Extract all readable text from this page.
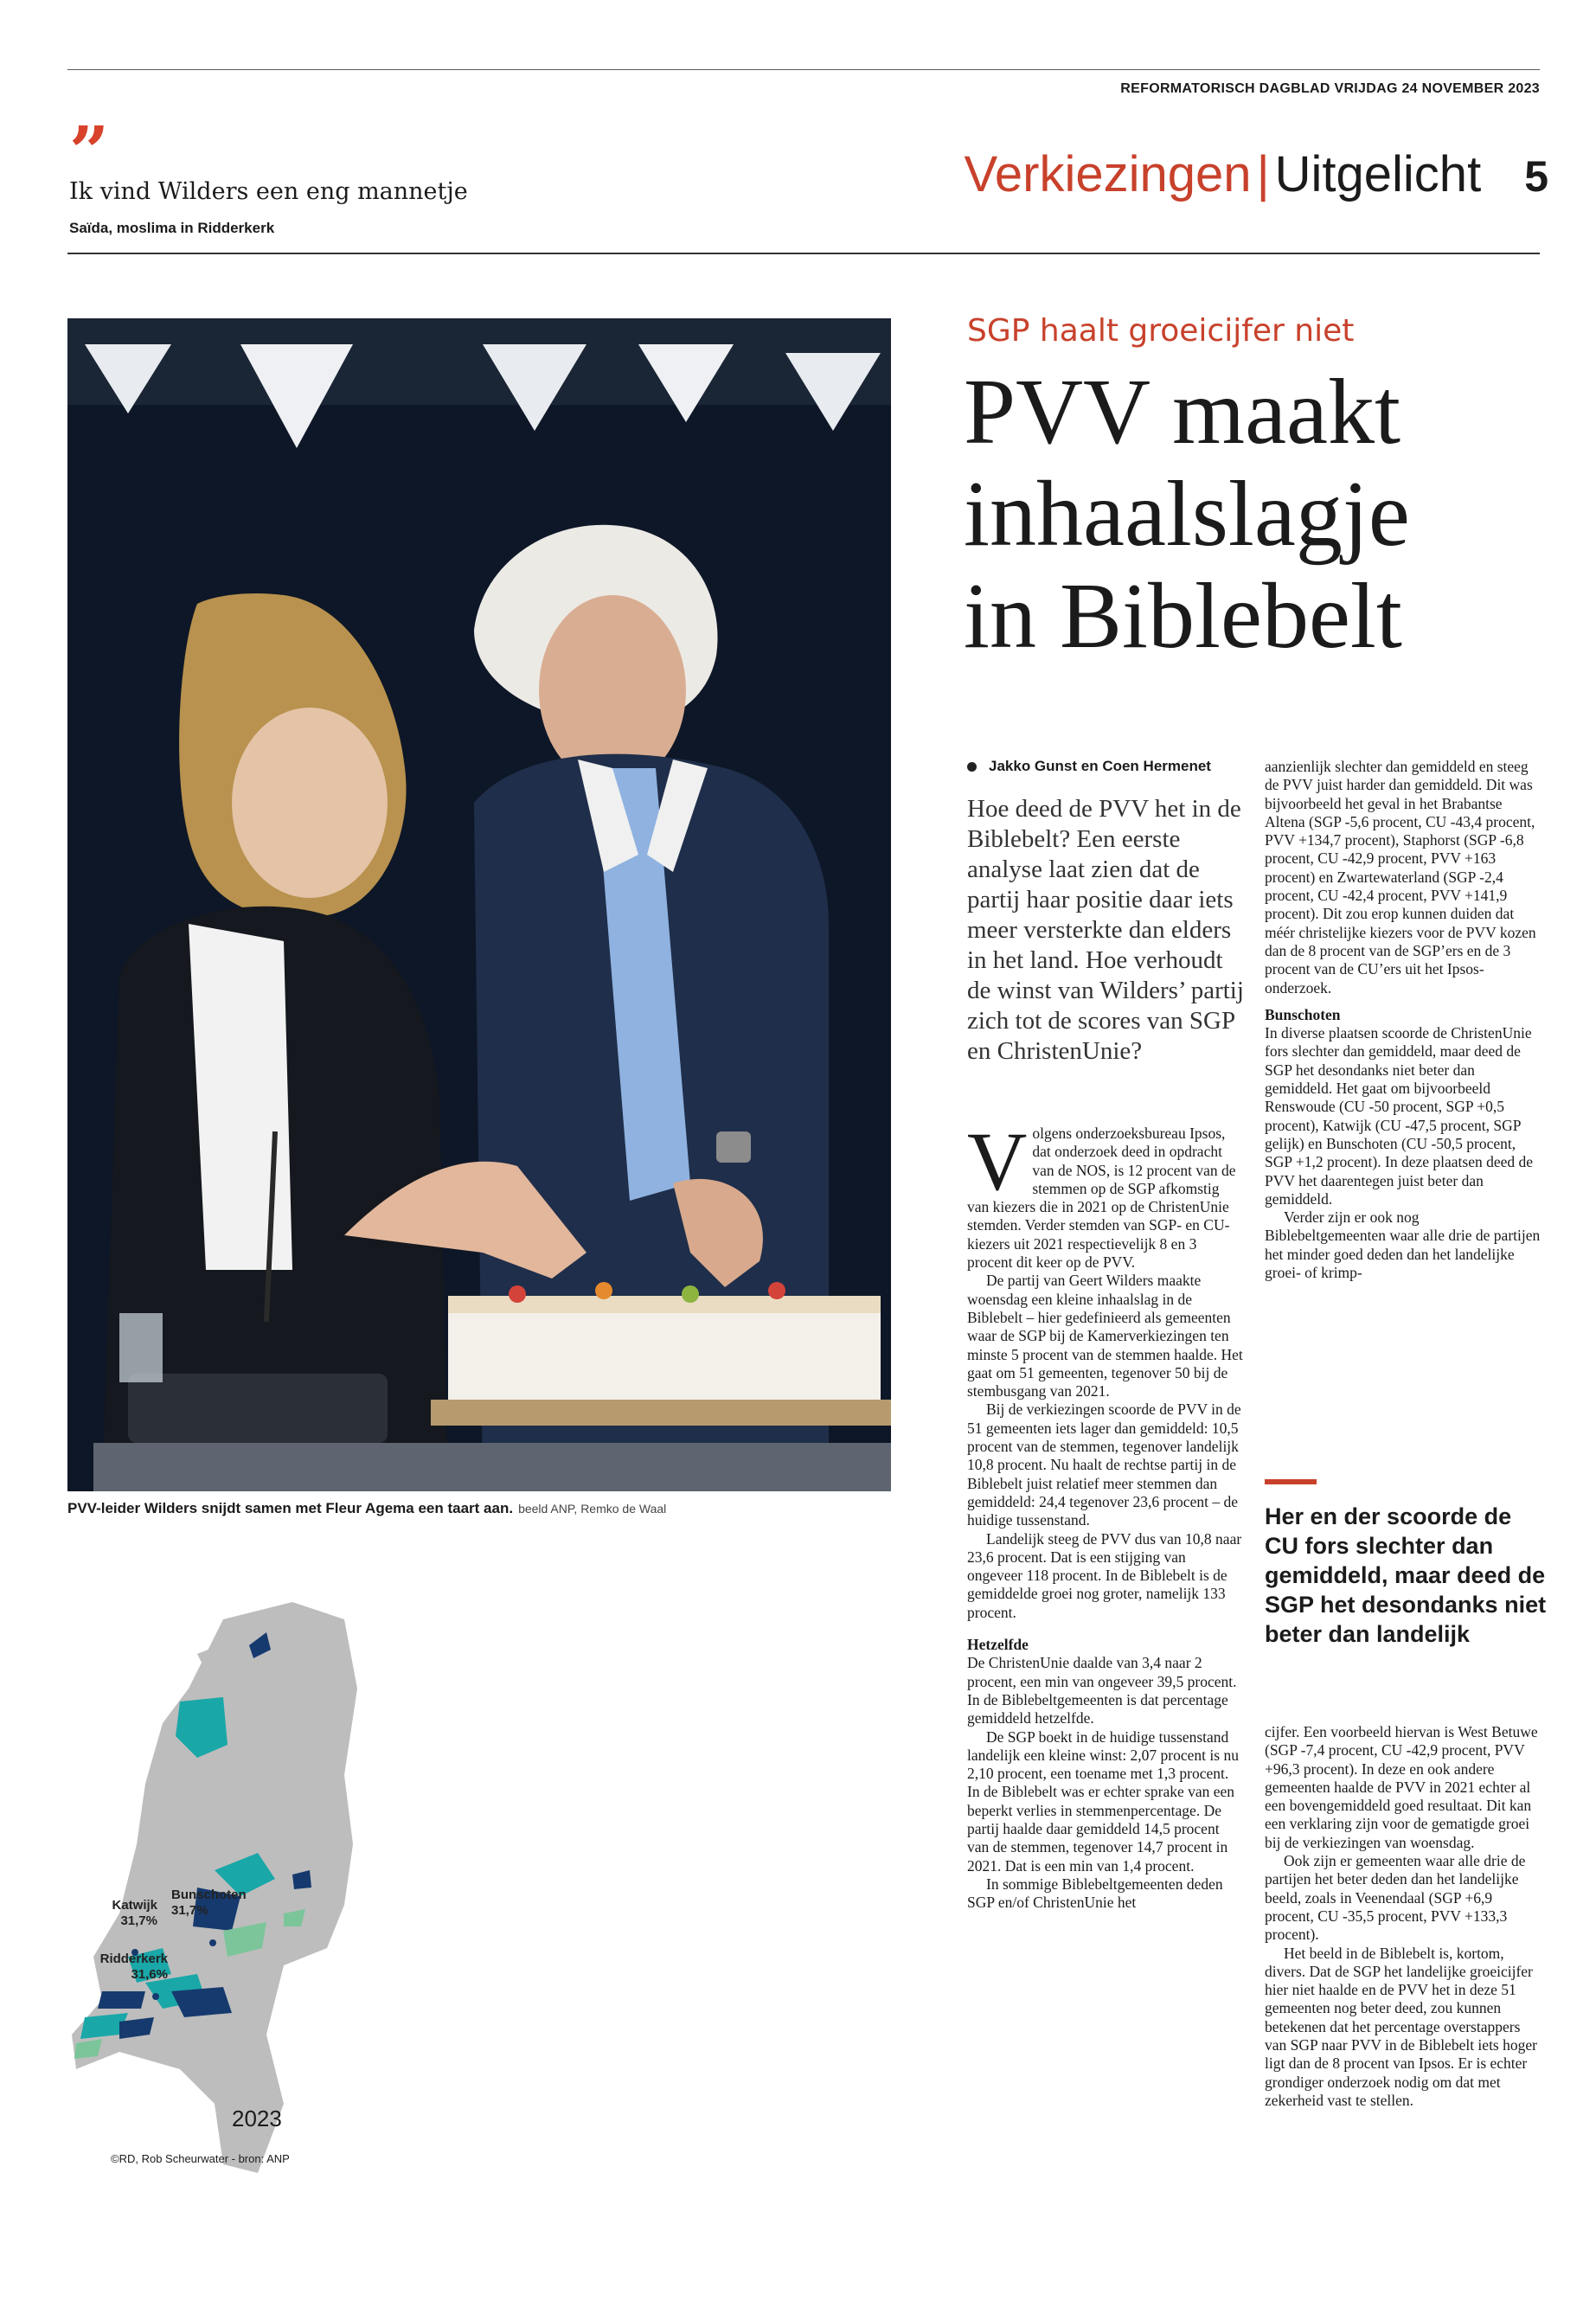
REFORMATORISCH DAGBLAD VRIJDAG 24 NOVEMBER 2023
”
Ik vind Wilders een eng mannetje
Saïda, moslima in Ridderkerk
Verkiezingen | Uitgelicht 5
PVV-leider Wilders snijdt samen met Fleur Agema een taart aan. beeld ANP, Remko de Waal
Katwijk
31,7%
Bunschoten
31,7%
Ridderkerk
31,6%
2023
©RD, Rob Scheurwater - bron: ANP
SGP haalt groeicijfer niet
PVV maakt
inhaalslagje
in Biblebelt
Jakko Gunst en Coen Hermenet
Hoe deed de PVV het in de Biblebelt? Een eerste analyse laat zien dat de partij haar positie daar iets meer versterkte dan elders in het land. Hoe verhoudt de winst van Wilders’ partij zich tot de scores van SGP en ChristenUnie?

Volgens onderzoeksbureau Ipsos, dat onderzoek deed in opdracht van de NOS, is 12 procent van de stemmen op de SGP afkomstig van kiezers die in 2021 op de ChristenUnie stemden. Verder stemden van SGP- en CU-kiezers uit 2021 respectievelijk 8 en 3 procent dit keer op de PVV.

De partij van Geert Wilders maakte woensdag een kleine inhaalslag in de Biblebelt – hier gedefinieerd als gemeenten waar de SGP bij de Kamerverkiezingen ten minste 5 procent van de stemmen haalde. Het gaat om 51 gemeenten, tegenover 50 bij de stembusgang van 2021.

Bij de verkiezingen scoorde de PVV in de 51 gemeenten iets lager dan gemiddeld: 10,5 procent van de stemmen, tegenover landelijk 10,8 procent. Nu haalt de rechtse partij in de Biblebelt juist relatief meer stemmen dan gemiddeld: 24,4 tegenover 23,6 procent – de huidige tussenstand.

Landelijk steeg de PVV dus van 10,8 naar 23,6 procent. Dat is een stijging van ongeveer 118 procent. In de Biblebelt is de gemiddelde groei nog groter, namelijk 133 procent.

Hetzelfde

De ChristenUnie daalde van 3,4 naar 2 procent, een min van ongeveer 39,5 procent. In de Biblebeltgemeenten is dat percentage gemiddeld hetzelfde.

De SGP boekt in de huidige tussenstand landelijk een kleine winst: 2,07 procent is nu 2,10 procent, een toename met 1,3 procent. In de Biblebelt was er echter sprake van een beperkt verlies in stemmenpercentage. De partij haalde daar gemiddeld 14,5 procent van de stemmen, tegenover 14,7 procent in 2021. Dat is een min van 1,4 procent.

In sommige Biblebeltgemeenten deden SGP en/of ChristenUnie het

aanzienlijk slechter dan gemiddeld en steeg de PVV juist harder dan gemiddeld. Dit was bijvoorbeeld het geval in het Brabantse Altena (SGP -5,6 procent, CU -43,4 procent, PVV +134,7 procent), Staphorst (SGP -6,8 procent, CU -42,9 procent, PVV +163 procent) en Zwartewaterland (SGP -2,4 procent, CU -42,4 procent, PVV +141,9 procent). Dit zou erop kunnen duiden dat méér christelijke kiezers voor de PVV kozen dan de 8 procent van de SGP’ers en de 3 procent van de CU’ers uit het Ipsos-onderzoek.

Bunschoten

In diverse plaatsen scoorde de ChristenUnie fors slechter dan gemiddeld, maar deed de SGP het desondanks niet beter dan gemiddeld. Het gaat om bijvoorbeeld Renswoude (CU -50 procent, SGP +0,5 procent), Katwijk (CU -47,5 procent, SGP gelijk) en Bunschoten (CU -50,5 procent, SGP +1,2 procent). In deze plaatsen deed de PVV het daarentegen juist beter dan gemiddeld.

Verder zijn er ook nog Biblebeltgemeenten waar alle drie de partijen het minder goed deden dan het landelijke groei- of krimp-

Her en der scoorde de CU fors slechter dan gemiddeld, maar deed de SGP het desondanks niet beter dan landelijk

cijfer. Een voorbeeld hiervan is West Betuwe (SGP -7,4 procent, CU -42,9 procent, PVV +96,3 procent). In deze en ook andere gemeenten haalde de PVV in 2021 echter al een bovengemiddeld goed resultaat. Dit kan een verklaring zijn voor de gematigde groei bij de verkiezingen van woensdag.

Ook zijn er gemeenten waar alle drie de partijen het beter deden dan het landelijke beeld, zoals in Veenendaal (SGP +6,9 procent, CU -35,5 procent, PVV +133,3 procent).

Het beeld in de Biblebelt is, kortom, divers. Dat de SGP het landelijke groeicijfer hier niet haalde en de PVV het in deze 51 gemeenten nog beter deed, zou kunnen betekenen dat het percentage overstappers van SGP naar PVV in de Biblebelt iets hoger ligt dan de 8 procent van Ipsos. Er is echter grondiger onderzoek nodig om dat met zekerheid vast te stellen.
